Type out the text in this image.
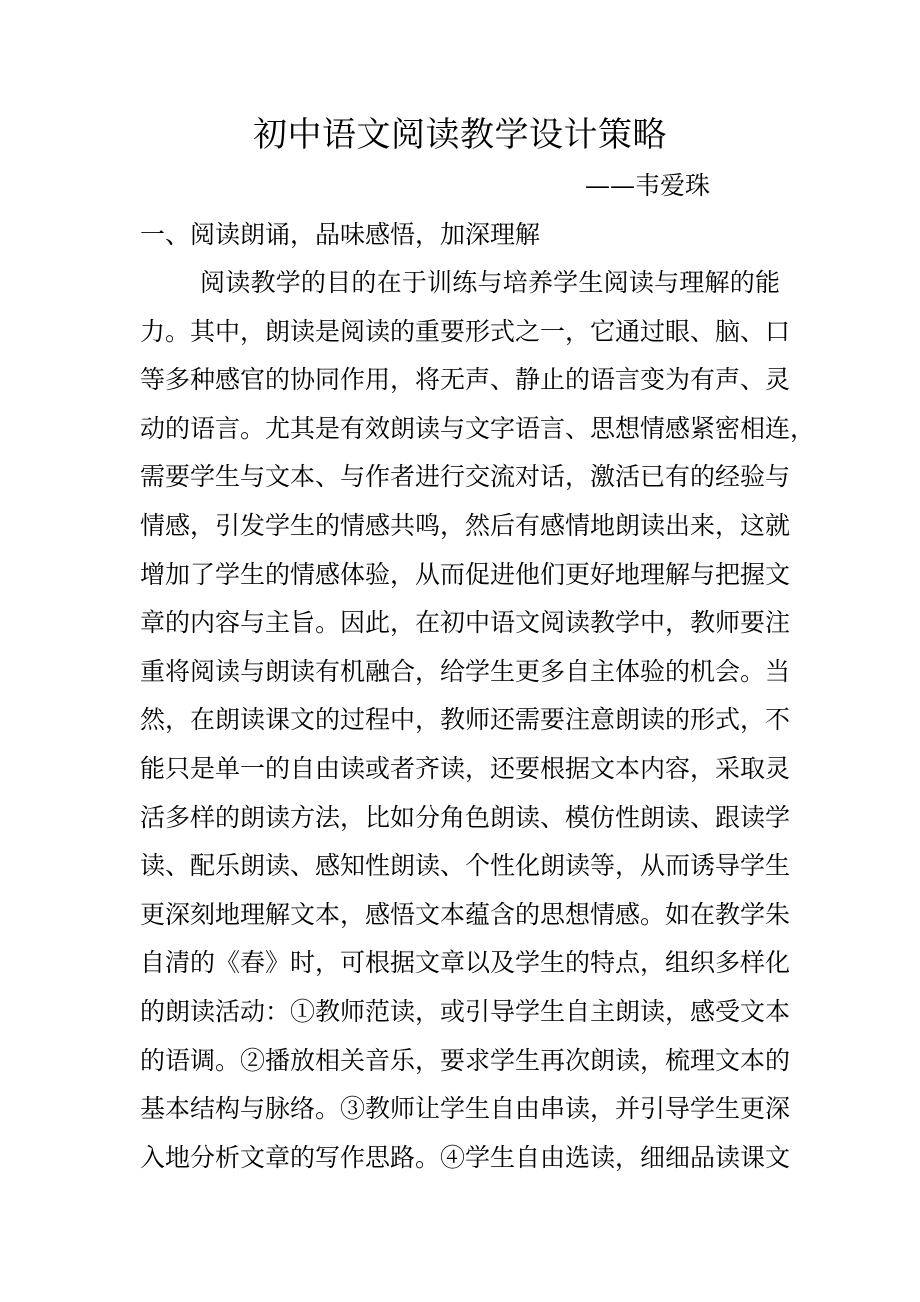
初中语文阅读教学设计策略
——韦爱珠
一、阅读朗诵，品味感悟，加深理解
阅读教学的目的在于训练与培养学生阅读与理解的能
力。其中，朗读是阅读的重要形式之一，它通过眼、脑、口
等多种感官的协同作用，将无声、静止的语言变为有声、灵
动的语言。尤其是有效朗读与文字语言、思想情感紧密相连，
需要学生与文本、与作者进行交流对话，激活已有的经验与
情感，引发学生的情感共鸣，然后有感情地朗读出来，这就
增加了学生的情感体验，从而促进他们更好地理解与把握文
章的内容与主旨。因此，在初中语文阅读教学中，教师要注
重将阅读与朗读有机融合，给学生更多自主体验的机会。当
然，在朗读课文的过程中，教师还需要注意朗读的形式，不
能只是单一的自由读或者齐读，还要根据文本内容，采取灵
活多样的朗读方法，比如分角色朗读、模仿性朗读、跟读学
读、配乐朗读、感知性朗读、个性化朗读等，从而诱导学生
更深刻地理解文本，感悟文本蕴含的思想情感。如在教学朱
自清的《春》时，可根据文章以及学生的特点，组织多样化
的朗读活动：①教师范读，或引导学生自主朗读，感受文本
的语调。②播放相关音乐，要求学生再次朗读，梳理文本的
基本结构与脉络。③教师让学生自由串读，并引导学生更深
入地分析文章的写作思路。④学生自由选读，细细品读课文
